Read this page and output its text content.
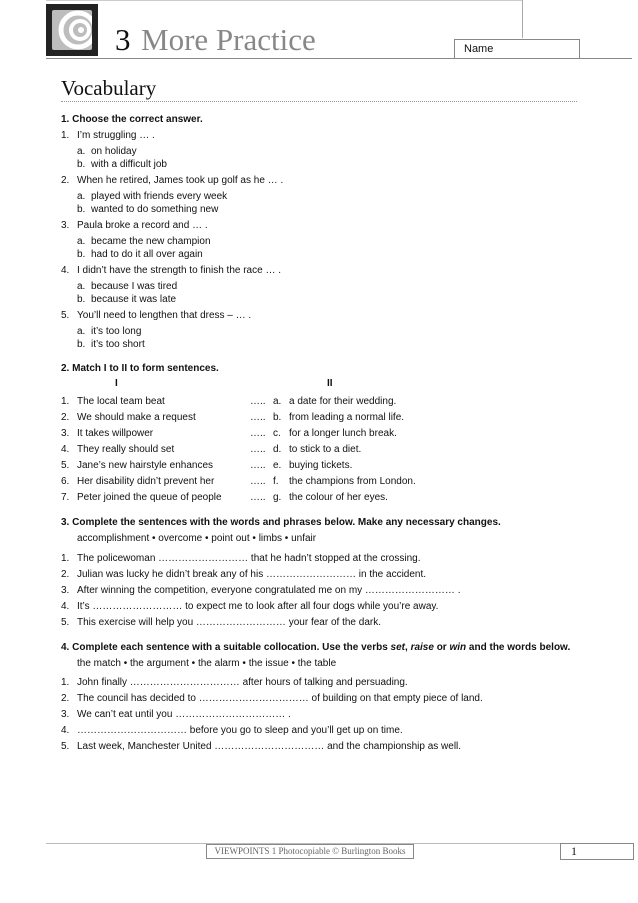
3 More Practice	Name
Vocabulary
1. Choose the correct answer.
1. I’m struggling … .
a. on holiday
b. with a difficult job
2. When he retired, James took up golf as he … .
a. played with friends every week
b. wanted to do something new
3. Paula broke a record and … .
a. became the new champion
b. had to do it all over again
4. I didn’t have the strength to finish the race … .
a. because I was tired
b. because it was late
5. You’ll need to lengthen that dress – … .
a. it’s too long
b. it’s too short
2. Match I to II to form sentences.
I	II
1. The local team beat	….. a. a date for their wedding.
2. We should make a request	….. b. from leading a normal life.
3. It takes willpower	….. c. for a longer lunch break.
4. They really should set	….. d. to stick to a diet.
5. Jane’s new hairstyle enhances	….. e. buying tickets.
6. Her disability didn’t prevent her	….. f. the champions from London.
7. Peter joined the queue of people	….. g. the colour of her eyes.
3. Complete the sentences with the words and phrases below. Make any necessary changes.
accomplishment • overcome • point out • limbs • unfair
1. The policewoman ……………………… that he hadn’t stopped at the crossing.
2. Julian was lucky he didn’t break any of his ……………………… in the accident.
3. After winning the competition, everyone congratulated me on my ……………………… .
4. It’s ……………………… to expect me to look after all four dogs while you’re away.
5. This exercise will help you ……………………… your fear of the dark.
4. Complete each sentence with a suitable collocation. Use the verbs set, raise or win and the words below.
the match • the argument • the alarm • the issue • the table
1. John finally …………………………… after hours of talking and persuading.
2. The council has decided to …………………………… of building on that empty piece of land.
3. We can’t eat until you …………………………… .
4. …………………………… before you go to sleep and you’ll get up on time.
5. Last week, Manchester United …………………………… and the championship as well.
VIEWPOINTS 1 Photocopiable © Burlington Books	1
